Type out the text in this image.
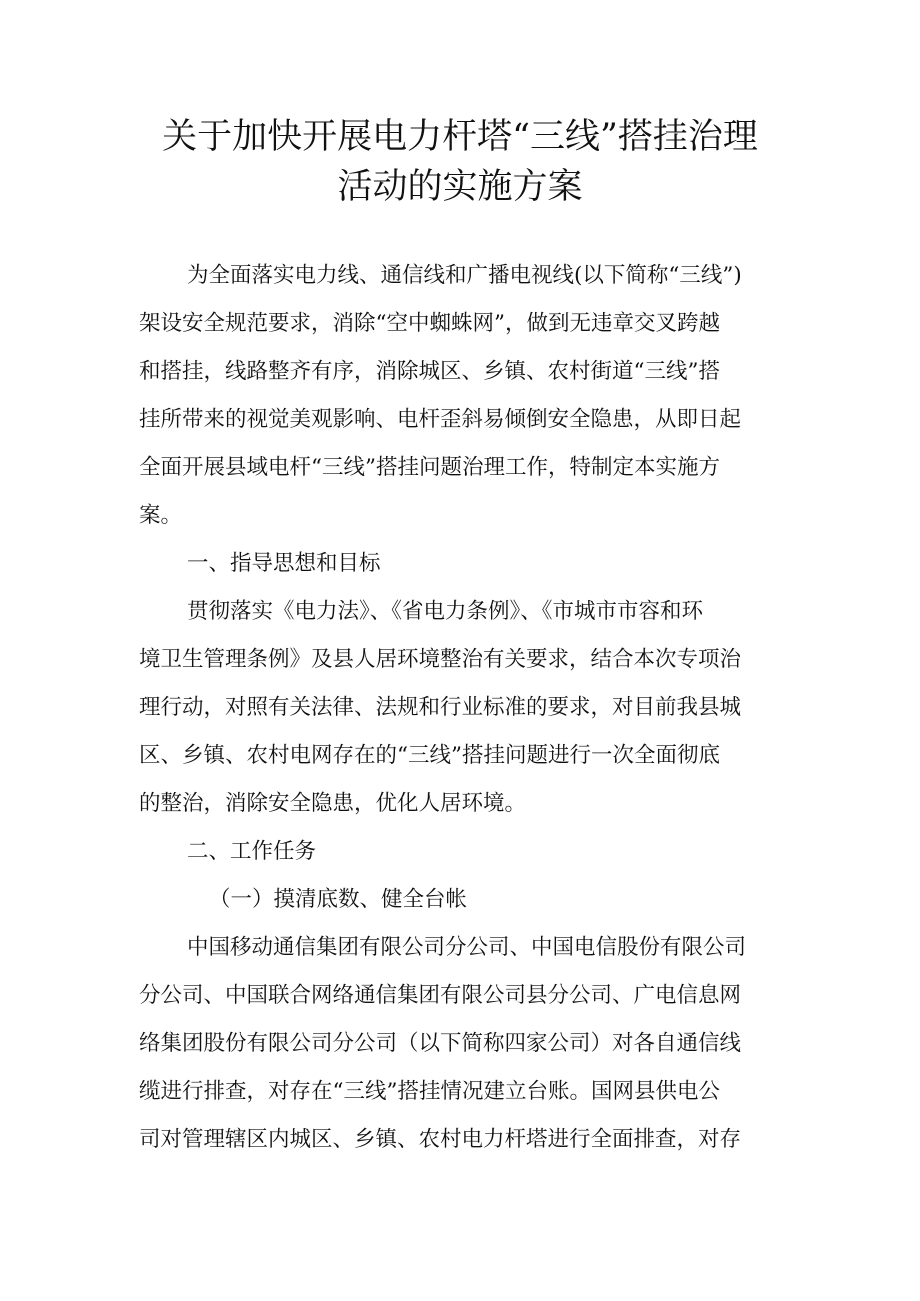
关于加快开展电力杆塔“三线”搭挂治理
活动的实施方案
为全面落实电力线、通信线和广播电视线(以下简称“三线”)
架设安全规范要求，消除“空中蜘蛛网”，做到无违章交叉跨越
和搭挂，线路整齐有序，消除城区、乡镇、农村街道“三线”搭
挂所带来的视觉美观影响、电杆歪斜易倾倒安全隐患，从即日起
全面开展县域电杆“三线”搭挂问题治理工作，特制定本实施方
案。
一、指导思想和目标
贯彻落实《电力法》、《省电力条例》、《市城市市容和环
境卫生管理条例》及县人居环境整治有关要求，结合本次专项治
理行动，对照有关法律、法规和行业标准的要求，对目前我县城
区、乡镇、农村电网存在的“三线”搭挂问题进行一次全面彻底
的整治，消除安全隐患，优化人居环境。
二、工作任务
（一）摸清底数、健全台帐
中国移动通信集团有限公司分公司、中国电信股份有限公司
分公司、中国联合网络通信集团有限公司县分公司、广电信息网
络集团股份有限公司分公司（以下简称四家公司）对各自通信线
缆进行排查，对存在“三线”搭挂情况建立台账。国网县供电公
司对管理辖区内城区、乡镇、农村电力杆塔进行全面排查，对存
